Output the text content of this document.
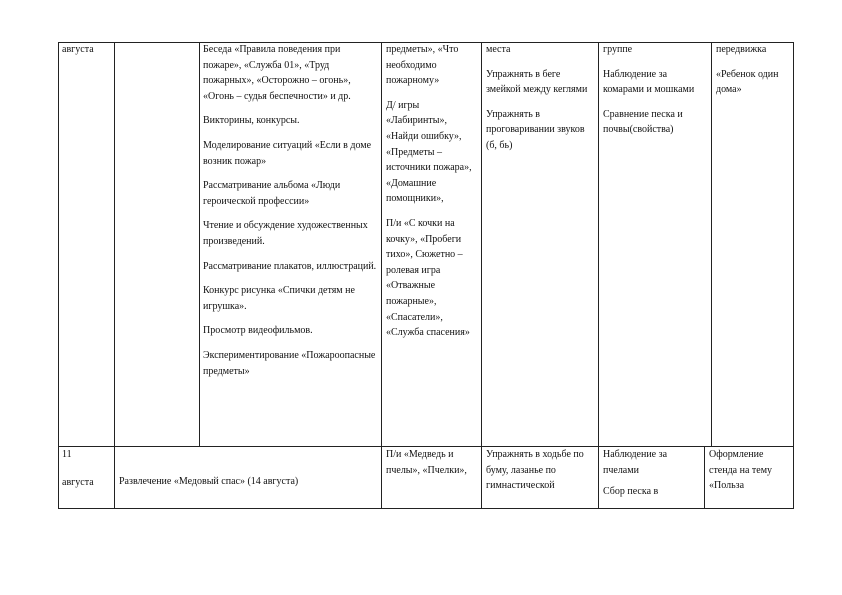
августа	Беседа «Правила поведения при пожаре», «Служба 01», «Труд пожарных», «Осторожно – огонь», «Огонь – судья беспечности» и др.

Викторины, конкурсы.

Моделирование ситуаций «Если в доме возник пожар»

Рассматривание альбома «Люди героической профессии»

Чтение и обсуждение художественных произведений.

Рассматривание плакатов, иллюстраций.

Конкурс рисунка «Спички детям не игрушка».

Просмотр видеофильмов.

Экспериментирование «Пожароопасные предметы»

предметы», «Что необходимо пожарному»

Д/ игры «Лабиринты», «Найди ошибку», «Предметы – источники пожара», «Домашние помощники»,

П/и «С кочки на кочку», «Пробеги тихо», Сюжетно – ролевая игра «Отважные пожарные», «Спасатели», «Служба спасения»

места

Упражнять в беге змейкой между кеглями

Упражнять в проговаривании звуков (б, бь)

группе

Наблюдение за комарами и мошками

Сравнение песка и почвы(свойства)

передвижка

«Ребенок один дома»

11

августа	Развлечение «Медовый спас» (14 августа)

П/и «Медведь и пчелы», «Пчелки»,

Упражнять в ходьбе по буму, лазанье по гимнастической

Наблюдение за пчелами

Сбор песка в

Оформление стенда на тему «Польза
